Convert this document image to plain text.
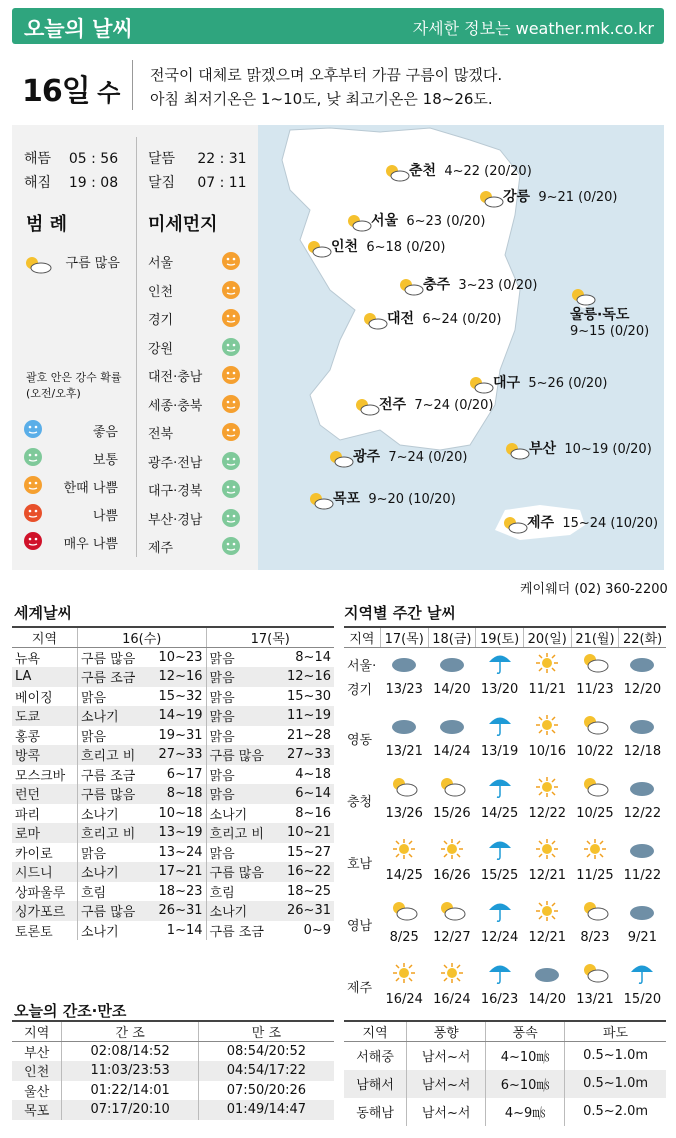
오늘의 날씨	자세한 정보는 weather.mk.co.kr
16일 수
전국이 대체로 맑겠으며 오후부터 가끔 구름이 많겠다.
아침 최저기온은 1~10도, 낮 최고기온은 18~26도.
해뜸 05 : 56
해짐 19 : 08
달뜸 22 : 31
달짐 07 : 11
범 례	미세먼지
구름 많음
괄호 안은 강수 확률
(오전/오후)
좋음
보통
한때 나쁨
나쁨
매우 나쁨
서울
인천
경기
강원
대전·충남
세종·충북
전북
광주·전남
대구·경북
부산·경남
제주
춘천  4~22 (20/20)
강릉  9~21 (0/20)
서울  6~23 (0/20)
인천  6~18 (0/20)
충주  3~23 (0/20)
대전  6~24 (0/20)	울릉·독도
9~15 (0/20)
대구  5~26 (0/20)
전주  7~24 (0/20)
부산  10~19 (0/20)
광주  7~24 (0/20)
목포  9~20 (10/20)
제주  15~24 (10/20)
케이웨더 (02) 360-2200
세계날씨	지역별 주간 날씨
지역	16(수)		17(목)	
뉴욕	구름 많음	10~23	맑음	8~14
LA	구름 조금	12~16	맑음	12~16
베이징	맑음	15~32	맑음	15~30
도쿄	소나기	14~19	맑음	11~19
홍콩	맑음	19~31	맑음	21~28
방콕	흐리고 비	27~33	구름 많음	27~33
모스크바	구름 조금	6~17	맑음	4~18
런던	구름 많음	8~18	맑음	6~14
파리	소나기	10~18	소나기	8~16
로마	흐리고 비	13~19	흐리고 비	10~21
카이로	맑음	13~24	맑음	15~27
시드니	소나기	17~21	구름 많음	16~22
상파울루	흐림	18~23	흐림	18~25
싱가포르	구름 많음	26~31	소나기	26~31
토론토	소나기	1~14	구름 조금	0~9
지역	17(목)	18(금)	19(토)	20(일)	21(월)	22(화)
서울·
경기						
	13/23	14/20	13/20	11/21	11/23	12/20
영동						
	13/21	14/24	13/19	10/16	10/22	12/18
충청						
	13/26	15/26	14/25	12/22	10/25	12/22
호남						
	14/25	16/26	15/25	12/21	11/25	11/22
영남						
	8/25	12/27	12/24	12/21	8/23	9/21
제주						
	16/24	16/24	16/23	14/20	13/21	15/20
오늘의 간조·만조
지역	간 조	만 조
부산	02:08/14:52	08:54/20:52
인천	11:03/23:53	04:54/17:22
울산	01:22/14:01	07:50/20:26
목포	07:17/20:10	01:49/14:47
지역	풍향	풍속	파도
서해중	남서~서	4~10㎧	0.5~1.0m
남해서	남서~서	6~10㎧	0.5~1.0m
동해남	남서~서	4~9㎧	0.5~2.0m
